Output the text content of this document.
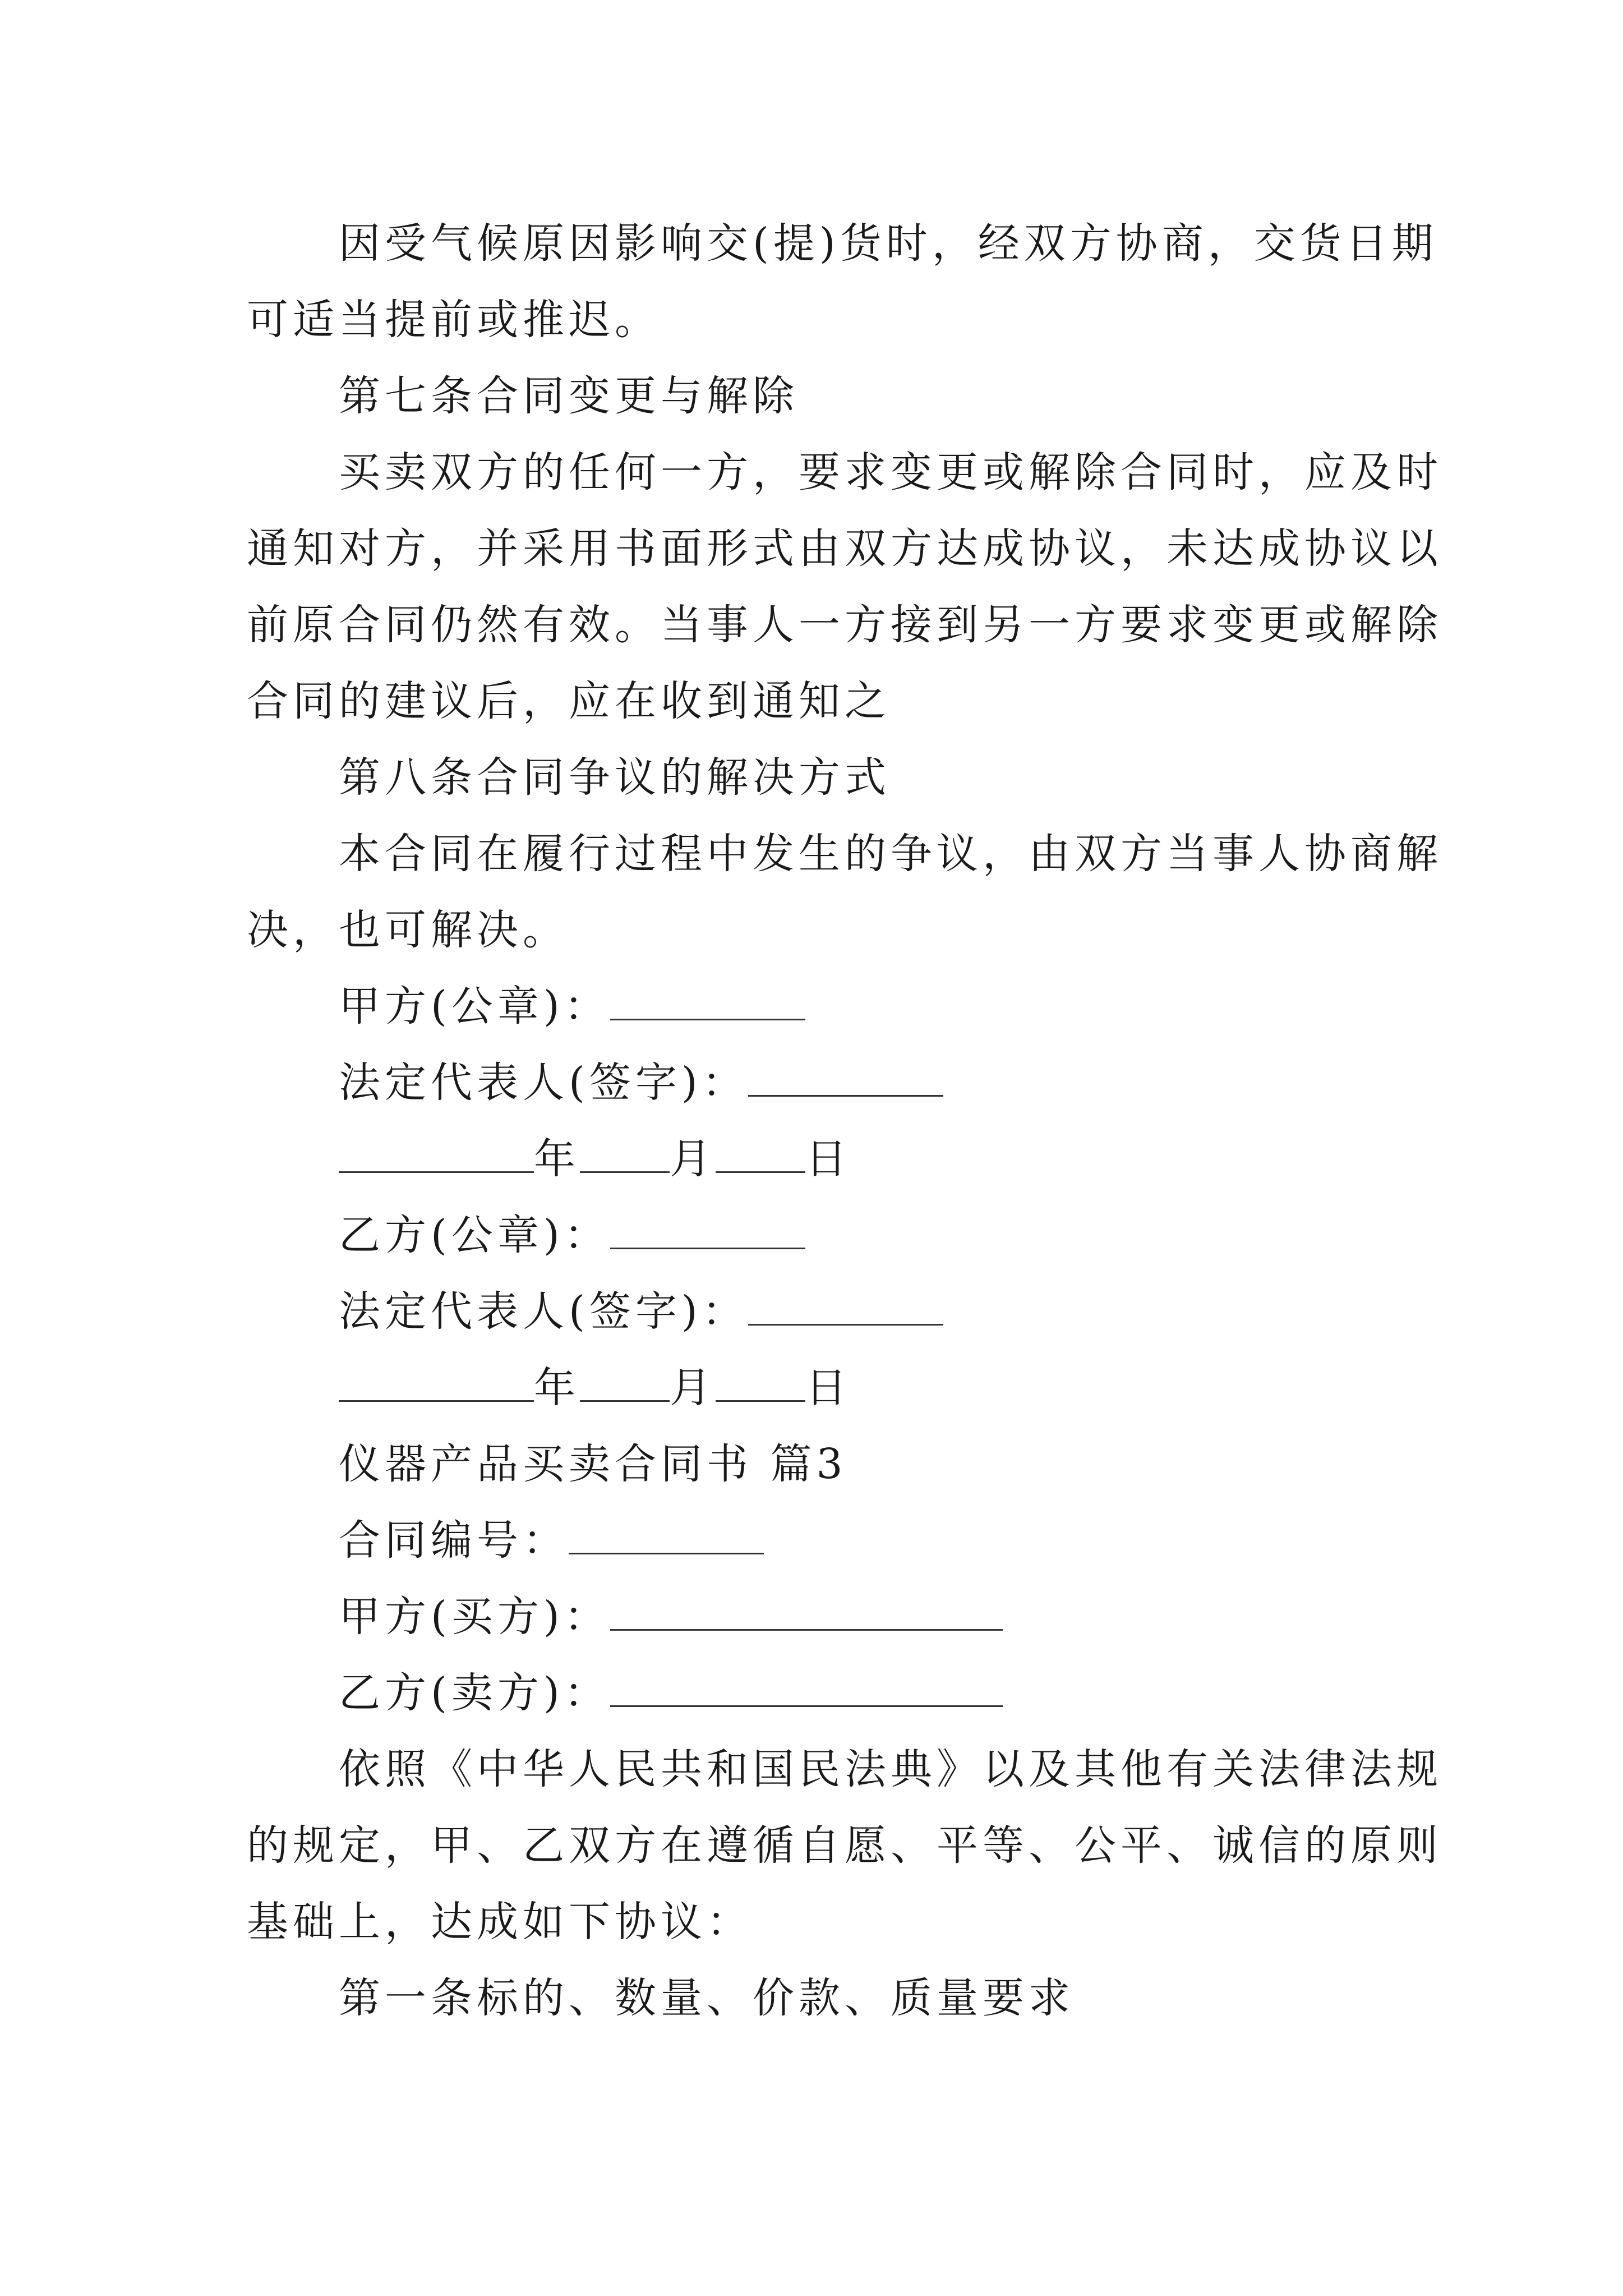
因受气候原因影响交(提)货时，经双方协商，交货日期
可适当提前或推迟。
第七条合同变更与解除
买卖双方的任何一方，要求变更或解除合同时，应及时
通知对方，并采用书面形式由双方达成协议，未达成协议以
前原合同仍然有效。当事人一方接到另一方要求变更或解除
合同的建议后，应在收到通知之
第八条合同争议的解决方式
本合同在履行过程中发生的争议，由双方当事人协商解
决，也可解决。
甲方(公章)：
法定代表人(签字)：
年 月 日
乙方(公章)：
法定代表人(签字)：
年 月 日
仪器产品买卖合同书 篇3
合同编号：
甲方(买方)：
乙方(卖方)：
依照《中华人民共和国民法典》以及其他有关法律法规
的规定，甲、乙双方在遵循自愿、平等、公平、诚信的原则
基础上，达成如下协议：
第一条标的、数量、价款、质量要求
